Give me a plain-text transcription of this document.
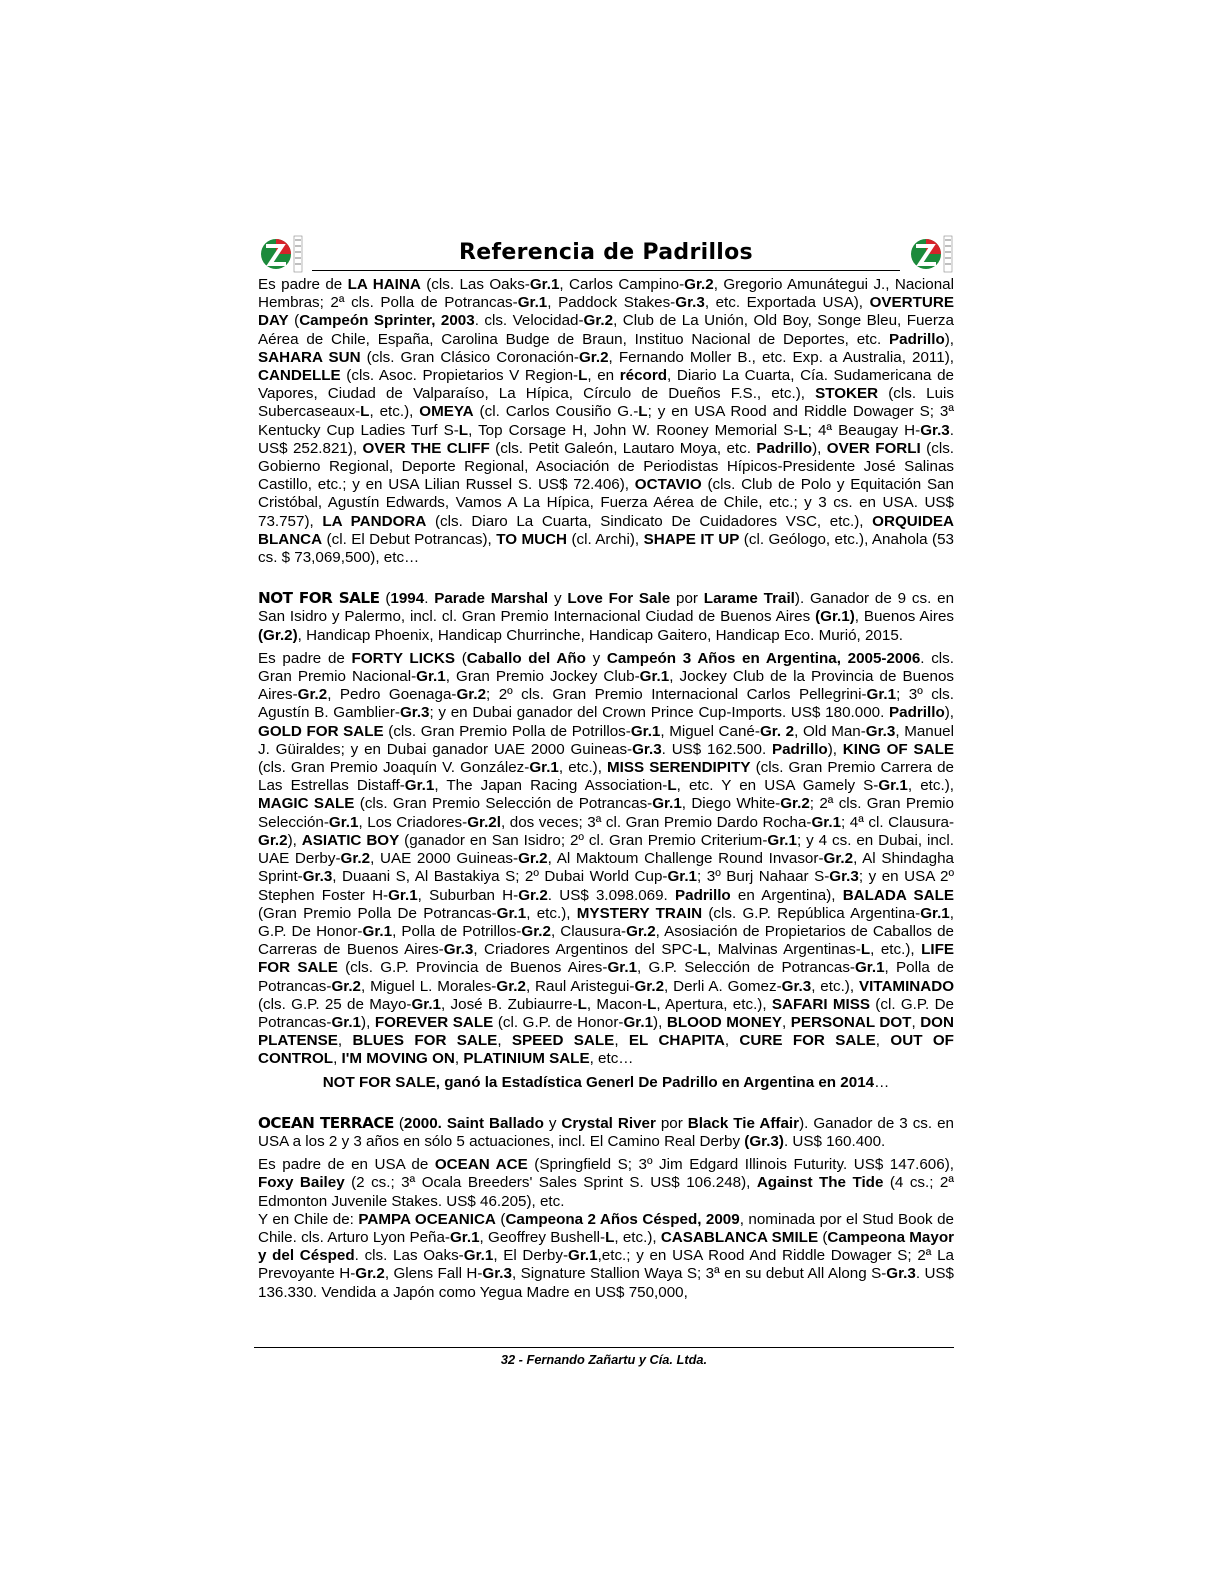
Referencia de Padrillos

Es padre de LA HAINA (cls. Las Oaks-Gr.1, Carlos Campino-Gr.2, Gregorio Amunátegui J., Nacional Hembras; 2ª cls. Polla de Potrancas-Gr.1, Paddock Stakes-Gr.3, etc. Exportada USA), OVERTURE DAY (Campeón Sprinter, 2003. cls. Velocidad-Gr.2, Club de La Unión, Old Boy, Songe Bleu, Fuerza Aérea de Chile, España, Carolina Budge de Braun, Instituo Nacional de Deportes, etc. Padrillo), SAHARA SUN (cls. Gran Clásico Coronación-Gr.2, Fernando Moller B., etc. Exp. a Australia, 2011), CANDELLE (cls. Asoc. Propietarios V Region-L, en récord, Diario La Cuarta, Cía. Sudamericana de Vapores, Ciudad de Valparaíso, La Hípica, Círculo de Dueños F.S., etc.), STOKER (cls. Luis Subercaseaux-L, etc.), OMEYA (cl. Carlos Cousiño G.-L; y en USA Rood and Riddle Dowager S; 3ª Kentucky Cup Ladies Turf S-L, Top Corsage H, John W. Rooney Memorial S-L; 4ª Beaugay H-Gr.3. US$ 252.821), OVER THE CLIFF (cls. Petit Galeón, Lautaro Moya, etc. Padrillo), OVER FORLI (cls. Gobierno Regional, Deporte Regional, Asociación de Periodistas Hípicos-Presidente José Salinas Castillo, etc.; y en USA Lilian Russel S. US$ 72.406), OCTAVIO (cls. Club de Polo y Equitación San Cristóbal, Agustín Edwards, Vamos A La Hípica, Fuerza Aérea de Chile, etc.; y 3 cs. en USA. US$ 73.757), LA PANDORA (cls. Diaro La Cuarta, Sindicato De Cuidadores VSC, etc.), ORQUIDEA BLANCA (cl. El Debut Potrancas), TO MUCH (cl. Archi), SHAPE IT UP (cl. Geólogo, etc.), Anahola (53 cs. $ 73,069,500), etc…

NOT FOR SALE (1994. Parade Marshal y Love For Sale por Larame Trail). Ganador de 9 cs. en San Isidro y Palermo, incl. cl. Gran Premio Internacional Ciudad de Buenos Aires (Gr.1), Buenos Aires (Gr.2), Handicap Phoenix, Handicap Churrinche, Handicap Gaitero, Handicap Eco. Murió, 2015.

Es padre de FORTY LICKS (Caballo del Año y Campeón 3 Años en Argentina, 2005-2006. cls. Gran Premio Nacional-Gr.1, Gran Premio Jockey Club-Gr.1, Jockey Club de la Provincia de Buenos Aires-Gr.2, Pedro Goenaga-Gr.2; 2º cls. Gran Premio Internacional Carlos Pellegrini-Gr.1; 3º cls. Agustín B. Gamblier-Gr.3; y en Dubai ganador del Crown Prince Cup-Imports. US$ 180.000. Padrillo), GOLD FOR SALE (cls. Gran Premio Polla de Potrillos-Gr.1, Miguel Cané-Gr. 2, Old Man-Gr.3, Manuel J. Güiraldes; y en Dubai ganador UAE 2000 Guineas-Gr.3. US$ 162.500. Padrillo), KING OF SALE (cls. Gran Premio Joaquín V. González-Gr.1, etc.), MISS SERENDIPITY (cls. Gran Premio Carrera de Las Estrellas Distaff-Gr.1, The Japan Racing Association-L, etc. Y en USA Gamely S-Gr.1, etc.), MAGIC SALE (cls. Gran Premio Selección de Potrancas-Gr.1, Diego White-Gr.2; 2ª cls. Gran Premio Selección-Gr.1, Los Criadores-Gr.2l, dos veces; 3ª cl. Gran Premio Dardo Rocha-Gr.1; 4ª cl. Clausura-Gr.2), ASIATIC BOY (ganador en San Isidro; 2º cl. Gran Premio Criterium-Gr.1; y 4 cs. en Dubai, incl. UAE Derby-Gr.2, UAE 2000 Guineas-Gr.2, Al Maktoum Challenge Round Invasor-Gr.2, Al Shindagha Sprint-Gr.3, Duaani S, Al Bastakiya S; 2º Dubai World Cup-Gr.1; 3º Burj Nahaar S-Gr.3; y en USA 2º Stephen Foster H-Gr.1, Suburban H-Gr.2. US$ 3.098.069. Padrillo en Argentina), BALADA SALE (Gran Premio Polla De Potrancas-Gr.1, etc.), MYSTERY TRAIN (cls. G.P. República Argentina-Gr.1, G.P. De Honor-Gr.1, Polla de Potrillos-Gr.2, Clausura-Gr.2, Asosiación de Propietarios de Caballos de Carreras de Buenos Aires-Gr.3, Criadores Argentinos del SPC-L, Malvinas Argentinas-L, etc.), LIFE FOR SALE (cls. G.P. Provincia de Buenos Aires-Gr.1, G.P. Selección de Potrancas-Gr.1, Polla de Potrancas-Gr.2, Miguel L. Morales-Gr.2, Raul Aristegui-Gr.2, Derli A. Gomez-Gr.3, etc.), VITAMINADO (cls. G.P. 25 de Mayo-Gr.1, José B. Zubiaurre-L, Macon-L, Apertura, etc.), SAFARI MISS (cl. G.P. De Potrancas-Gr.1), FOREVER SALE (cl. G.P. de Honor-Gr.1), BLOOD MONEY, PERSONAL DOT, DON PLATENSE, BLUES FOR SALE, SPEED SALE, EL CHAPITA, CURE FOR SALE, OUT OF CONTROL, I'M MOVING ON, PLATINIUM SALE, etc…

NOT FOR SALE, ganó la Estadística Generl De Padrillo en Argentina en 2014…

OCEAN TERRACE (2000. Saint Ballado y Crystal River por Black Tie Affair). Ganador de 3 cs. en USA a los 2 y 3 años en sólo 5 actuaciones, incl. El Camino Real Derby (Gr.3). US$ 160.400.

Es padre de en USA de OCEAN ACE (Springfield S; 3º Jim Edgard Illinois Futurity. US$ 147.606), Foxy Bailey (2 cs.; 3ª Ocala Breeders' Sales Sprint S. US$ 106.248), Against The Tide (4 cs.; 2ª Edmonton Juvenile Stakes. US$ 46.205), etc.

Y en Chile de: PAMPA OCEANICA (Campeona 2 Años Césped, 2009, nominada por el Stud Book de Chile. cls. Arturo Lyon Peña-Gr.1, Geoffrey Bushell-L, etc.), CASABLANCA SMILE (Campeona Mayor y del Césped. cls. Las Oaks-Gr.1, El Derby-Gr.1,etc.; y en USA Rood And Riddle Dowager S; 2ª La Prevoyante H-Gr.2, Glens Fall H-Gr.3, Signature Stallion Waya S; 3ª en su debut All Along S-Gr.3. US$ 136.330. Vendida a Japón como Yegua Madre en US$ 750,000,

32 - Fernando Zañartu y Cía. Ltda.
